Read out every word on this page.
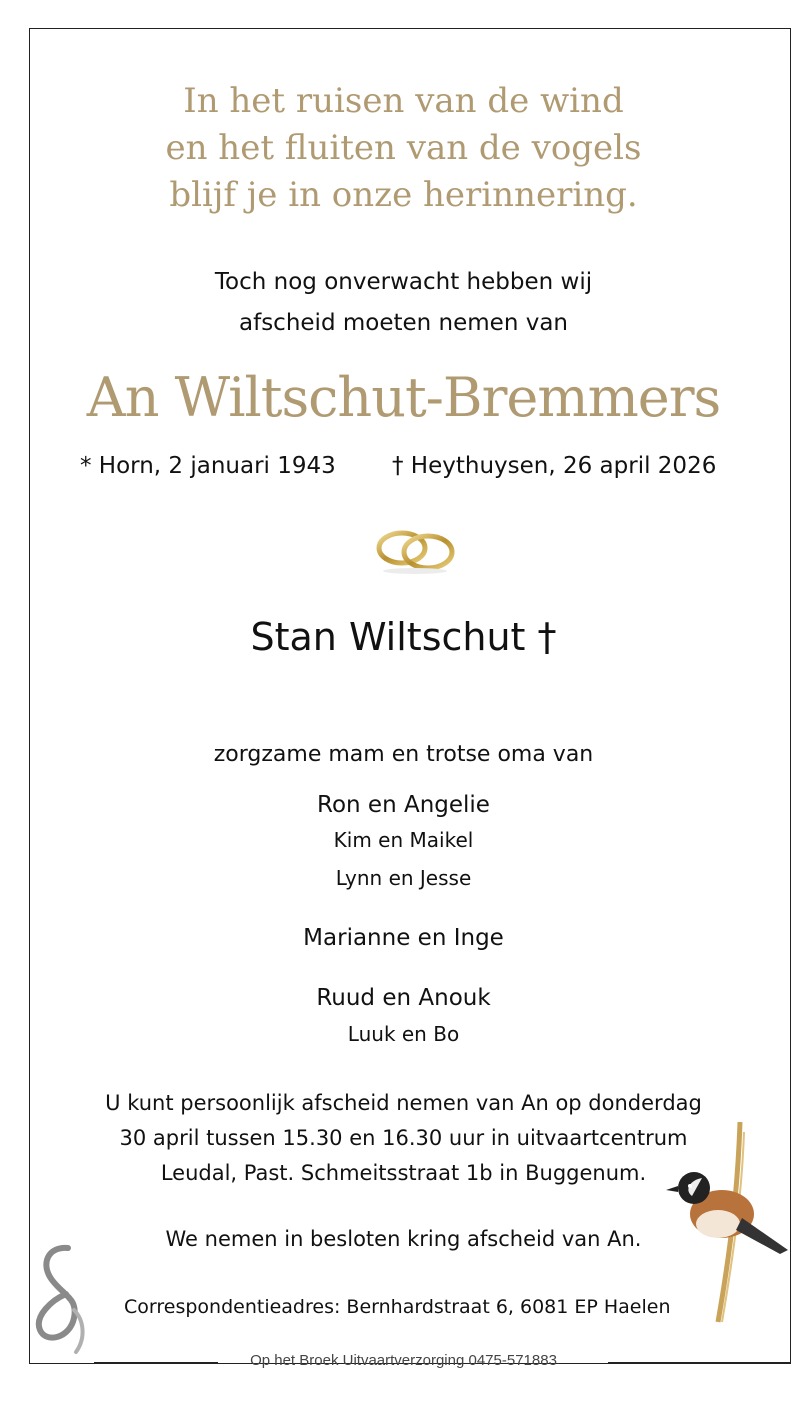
In het ruisen van de wind
en het fluiten van de vogels
blijf je in onze herinnering.
Toch nog onverwacht hebben wij
afscheid moeten nemen van
An Wiltschut-Bremmers
* Horn, 2 januari 1943 † Heythuysen, 26 april 2026
Stan Wiltschut †
zorgzame mam en trotse oma van
Ron en Angelie
Kim en Maikel
Lynn en Jesse
Marianne en Inge
Ruud en Anouk
Luuk en Bo
U kunt persoonlijk afscheid nemen van An op donderdag
30 april tussen 15.30 en 16.30 uur in uitvaartcentrum
Leudal, Past. Schmeitsstraat 1b in Buggenum.
We nemen in besloten kring afscheid van An.
Correspondentieadres: Bernhardstraat 6, 6081 EP Haelen
Op het Broek Uitvaartverzorging 0475-571883
